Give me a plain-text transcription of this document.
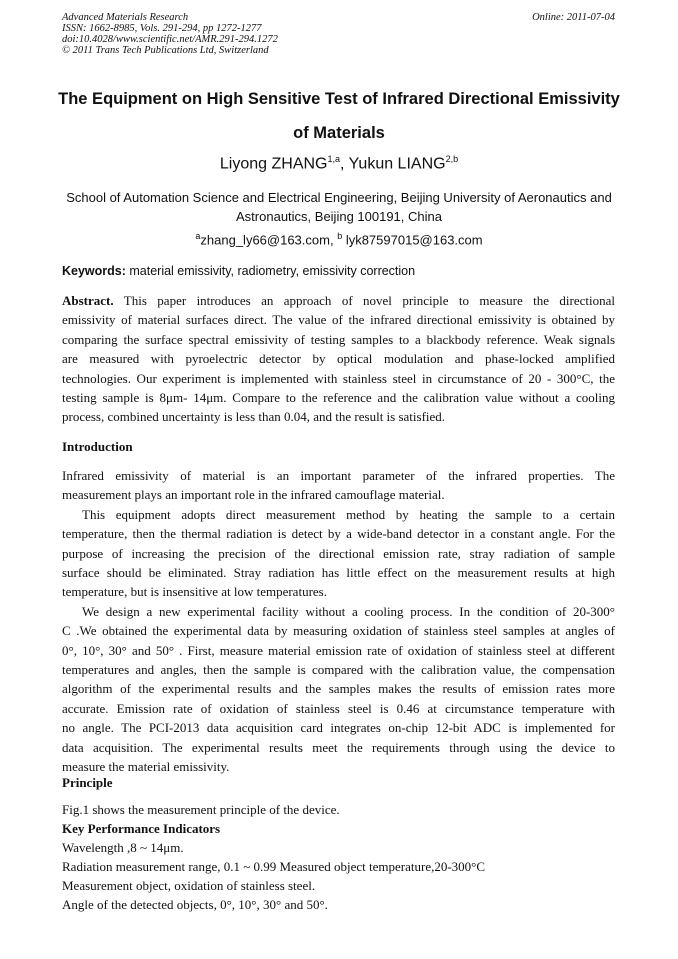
Advanced Materials Research
ISSN: 1662-8985, Vols. 291-294, pp 1272-1277
doi:10.4028/www.scientific.net/AMR.291-294.1272
© 2011 Trans Tech Publications Ltd, Switzerland
Online: 2011-07-04
The Equipment on High Sensitive Test of Infrared Directional Emissivity
of Materials
Liyong ZHANG$^{1,a}$, Yukun LIANG$^{2,b}$
School of Automation Science and Electrical Engineering, Beijing University of Aeronautics and
Astronautics, Beijing 100191, China
$^a$zhang_ly66@163.com, $^b$ lyk87597015@163.com
Keywords: material emissivity, radiometry, emissivity correction
Abstract. This paper introduces an approach of novel principle to measure the directional
emissivity of material surfaces direct. The value of the infrared directional emissivity is obtained by
comparing the surface spectral emissivity of testing samples to a blackbody reference. Weak signals
are measured with pyroelectric detector by optical modulation and phase-locked amplified
technologies. Our experiment is implemented with stainless steel in circumstance of 20 - 300°C, the
testing sample is 8μm- 14μm. Compare to the reference and the calibration value without a cooling
process, combined uncertainty is less than 0.04, and the result is satisfied.
Introduction
Infrared emissivity of material is an important parameter of the infrared properties. The
measurement plays an important role in the infrared camouflage material.
This equipment adopts direct measurement method by heating the sample to a certain
temperature, then the thermal radiation is detect by a wide-band detector in a constant angle. For the
purpose of increasing the precision of the directional emission rate, stray radiation of sample
surface should be eliminated. Stray radiation has little effect on the measurement results at high
temperature, but is insensitive at low temperatures.
We design a new experimental facility without a cooling process. In the condition of 20-300°
C .We obtained the experimental data by measuring oxidation of stainless steel samples at angles of
0°, 10°, 30° and 50° . First, measure material emission rate of oxidation of stainless steel at different
temperatures and angles, then the sample is compared with the calibration value, the compensation
algorithm of the experimental results and the samples makes the results of emission rates more
accurate. Emission rate of oxidation of stainless steel is 0.46 at circumstance temperature with
no angle. The PCI-2013 data acquisition card integrates on-chip 12-bit ADC is implemented for
data acquisition. The experimental results meet the requirements through using the device to
measure the material emissivity.
Principle
Fig.1 shows the measurement principle of the device.
Key Performance Indicators
Wavelength ,8 ~ 14μm.
Radiation measurement range, 0.1 ~ 0.99 Measured object temperature,20-300°C
Measurement object, oxidation of stainless steel.
Angle of the detected objects, 0°, 10°, 30° and 50°.
